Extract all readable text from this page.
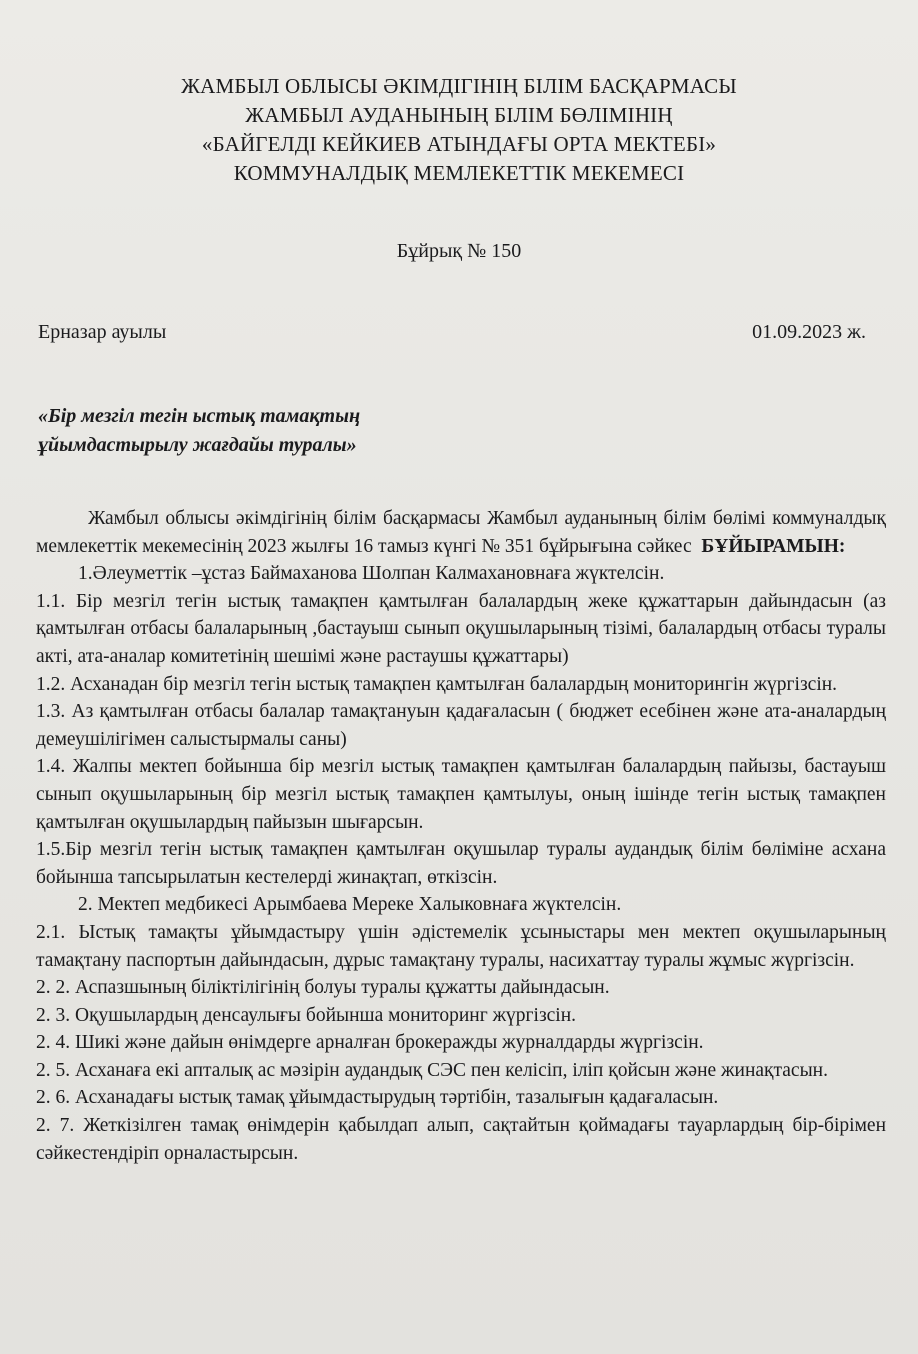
ЖАМБЫЛ ОБЛЫСЫ ӘКІМДІГІНІҢ БІЛІМ БАСҚАРМАСЫ
ЖАМБЫЛ АУДАНЫНЫҢ БІЛІМ БӨЛІМІНІҢ
«БАЙГЕЛДІ КЕЙКИЕВ АТЫНДАҒЫ ОРТА МЕКТЕБІ»
КОММУНАЛДЫҚ МЕМЛЕКЕТТІК МЕКЕМЕСІ
Бұйрық № 150
Ерназар ауылы	01.09.2023 ж.
«Бір мезгіл тегін ыстық тамақтың
ұйымдастырылу жағдайы туралы»

Жамбыл облысы әкімдігінің білім басқармасы Жамбыл ауданының білім бөлімі коммуналдық мемлекеттік мекемесінің 2023 жылғы 16 тамыз күнгі № 351 бұйрығына сәйкес БҰЙЫРАМЫН:

1.Әлеуметтік –ұстаз Баймаханова Шолпан Калмахановнаға жүктелсін.

1.1. Бір мезгіл тегін ыстық тамақпен қамтылған балалардың жеке құжаттарын дайындасын (аз қамтылған отбасы балаларының ,бастауыш сынып оқушыларының тізімі, балалардың отбасы туралы акті, ата-аналар комитетінің шешімі және растаушы құжаттары)

1.2. Асханадан бір мезгіл тегін ыстық тамақпен қамтылған балалардың мониторингін жүргізсін.

1.3. Аз қамтылған отбасы балалар тамақтануын қадағаласын ( бюджет есебінен және ата-аналардың демеушілігімен салыстырмалы саны)

1.4. Жалпы мектеп бойынша бір мезгіл ыстық тамақпен қамтылған балалардың пайызы, бастауыш сынып оқушыларының бір мезгіл ыстық тамақпен қамтылуы, оның ішінде тегін ыстық тамақпен қамтылған оқушылардың пайызын шығарсын.

1.5.Бір мезгіл тегін ыстық тамақпен қамтылған оқушылар туралы аудандық білім бөліміне асхана бойынша тапсырылатын кестелерді жинақтап, өткізсін.

2. Мектеп медбикесі Арымбаева Мереке Халыковнаға жүктелсін.

2.1. Ыстық тамақты ұйымдастыру үшін әдістемелік ұсыныстары мен мектеп оқушыларының тамақтану паспортын дайындасын, дұрыс тамақтану туралы, насихаттау туралы жұмыс жүргізсін.

2. 2. Аспазшының біліктілігінің болуы туралы құжатты дайындасын.

2. 3. Оқушылардың денсаулығы бойынша мониторинг жүргізсін.

2. 4. Шикі және дайын өнімдерге арналған брокеражды журналдарды жүргізсін.

2. 5. Асханаға екі апталық ас мәзірін аудандық СЭС пен келісіп, іліп қойсын және жинақтасын.

2. 6. Асханадағы ыстық тамақ ұйымдастырудың тәртібін, тазалығын қадағаласын.

2. 7. Жеткізілген тамақ өнімдерін қабылдап алып, сақтайтын қоймадағы тауарлардың бір-бірімен сәйкестендіріп орналастырсын.
